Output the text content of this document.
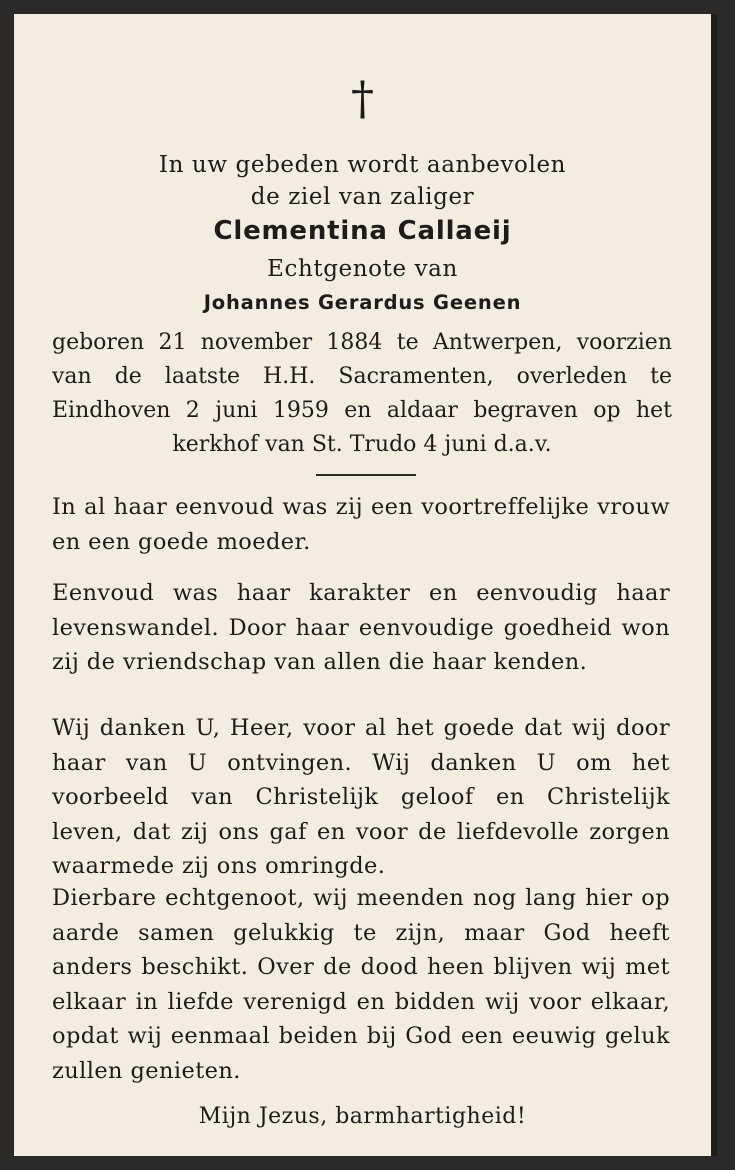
†
In uw gebeden wordt aanbevolen
de ziel van zaliger
Clementina Callaeij
Echtgenote van
Johannes Gerardus Geenen
geboren 21 november 1884 te Antwerpen, voorzien van de laatste H.H. Sacramenten, overleden te Eindhoven 2 juni 1959 en aldaar begraven op het kerkhof van St. Trudo 4 juni d.a.v.
In al haar eenvoud was zij een voortreffelijke vrouw en een goede moeder.
Eenvoud was haar karakter en eenvoudig haar levenswandel. Door haar eenvoudige goedheid won zij de vriendschap van allen die haar kenden.
Wij danken U, Heer, voor al het goede dat wij door haar van U ontvingen. Wij danken U om het voorbeeld van Christelijk geloof en Christelijk leven, dat zij ons gaf en voor de liefdevolle zorgen waarmede zij ons omringde.
Dierbare echtgenoot, wij meenden nog lang hier op aarde samen gelukkig te zijn, maar God heeft anders beschikt. Over de dood heen blijven wij met elkaar in liefde verenigd en bidden wij voor elkaar, opdat wij eenmaal beiden bij God een eeuwig geluk zullen genieten.
Mijn Jezus, barmhartigheid!
